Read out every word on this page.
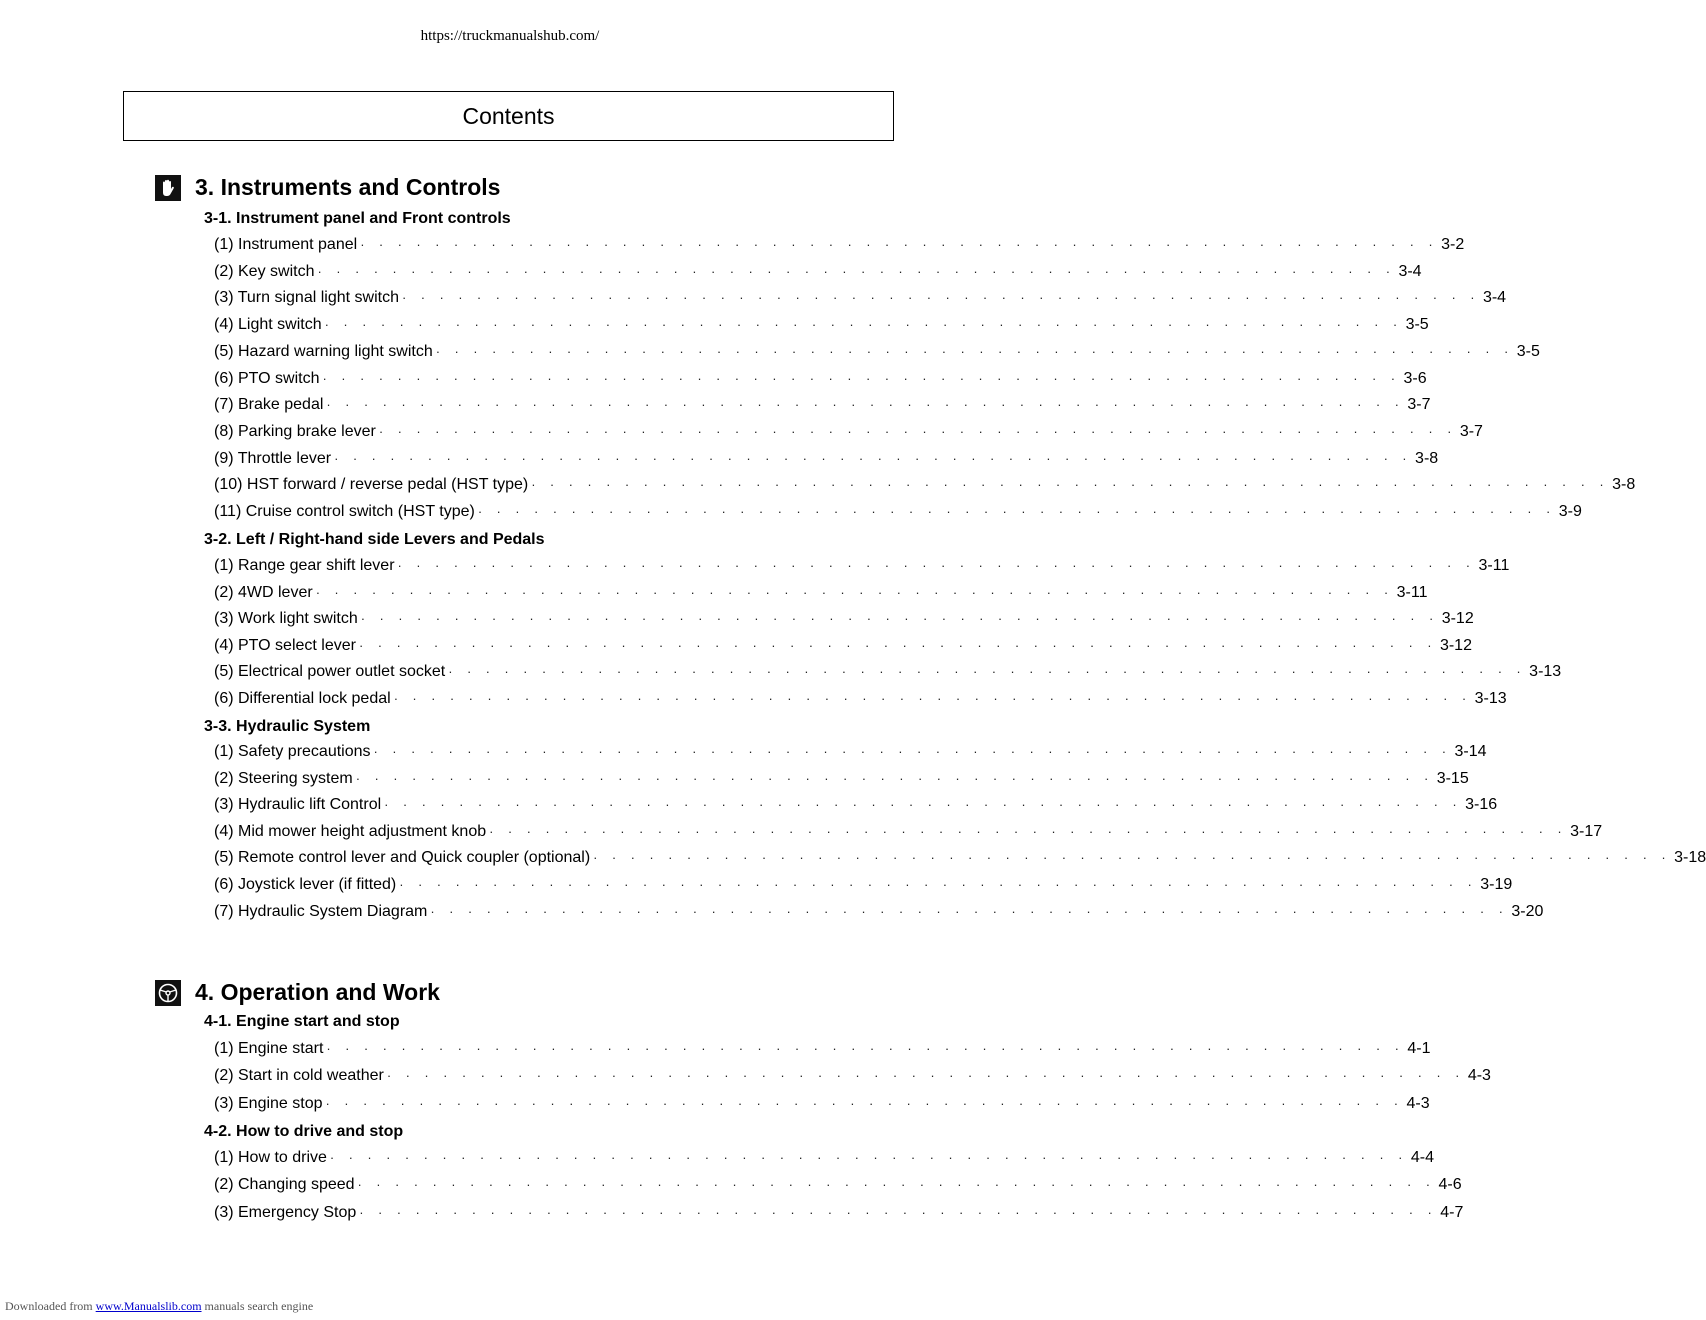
https://truckmanualshub.com/
Contents
3. Instruments and Controls
3-1. Instrument panel and Front controls
4. Operation and Work
(1) Instrument panel · · · · · · · · · · · · · · · · · · · · · · · · · · · · · · · · · · · · · · · · · · · · · · · · · · · · · · · · · · 3-2
(2) Key switch · · · · · · · · · · · · · · · · · · · · · · · · · · · · · · · · · · · · · · · · · · · · · · · · · · · · · · · · · · 3-4
(3) Turn signal light switch · · · · · · · · · · · · · · · · · · · · · · · · · · · · · · · · · · · · · · · · · · · · · · · · · · · · · · · · · · 3-4
(4) Light switch · · · · · · · · · · · · · · · · · · · · · · · · · · · · · · · · · · · · · · · · · · · · · · · · · · · · · · · · · · 3-5
(5) Hazard warning light switch · · · · · · · · · · · · · · · · · · · · · · · · · · · · · · · · · · · · · · · · · · · · · · · · · · · · · · · · · · 3-5
(6) PTO switch · · · · · · · · · · · · · · · · · · · · · · · · · · · · · · · · · · · · · · · · · · · · · · · · · · · · · · · · · · 3-6
(7) Brake pedal · · · · · · · · · · · · · · · · · · · · · · · · · · · · · · · · · · · · · · · · · · · · · · · · · · · · · · · · · · 3-7
(8) Parking brake lever · · · · · · · · · · · · · · · · · · · · · · · · · · · · · · · · · · · · · · · · · · · · · · · · · · · · · · · · · · 3-7
(9) Throttle lever · · · · · · · · · · · · · · · · · · · · · · · · · · · · · · · · · · · · · · · · · · · · · · · · · · · · · · · · · · 3-8
(10) HST forward / reverse pedal (HST type) · · · · · · · · · · · · · · · · · · · · · · · · · · · · · · · · · · · · · · · · · · · · · · · · · · · · · · · · · · 3-8
(11) Cruise control switch (HST type) · · · · · · · · · · · · · · · · · · · · · · · · · · · · · · · · · · · · · · · · · · · · · · · · · · · · · · · · · · 3-9
3-2. Left / Right-hand side Levers and Pedals
(1) Range gear shift lever · · · · · · · · · · · · · · · · · · · · · · · · · · · · · · · · · · · · · · · · · · · · · · · · · · · · · · · · · · 3-11
(2) 4WD lever · · · · · · · · · · · · · · · · · · · · · · · · · · · · · · · · · · · · · · · · · · · · · · · · · · · · · · · · · · 3-11
(3) Work light switch · · · · · · · · · · · · · · · · · · · · · · · · · · · · · · · · · · · · · · · · · · · · · · · · · · · · · · · · · · 3-12
(4) PTO select lever · · · · · · · · · · · · · · · · · · · · · · · · · · · · · · · · · · · · · · · · · · · · · · · · · · · · · · · · · · 3-12
(5) Electrical power outlet socket · · · · · · · · · · · · · · · · · · · · · · · · · · · · · · · · · · · · · · · · · · · · · · · · · · · · · · · · · · 3-13
(6) Differential lock pedal · · · · · · · · · · · · · · · · · · · · · · · · · · · · · · · · · · · · · · · · · · · · · · · · · · · · · · · · · · 3-13
3-3. Hydraulic System
(1) Safety precautions · · · · · · · · · · · · · · · · · · · · · · · · · · · · · · · · · · · · · · · · · · · · · · · · · · · · · · · · · · 3-14
(2) Steering system · · · · · · · · · · · · · · · · · · · · · · · · · · · · · · · · · · · · · · · · · · · · · · · · · · · · · · · · · · 3-15
(3) Hydraulic lift Control · · · · · · · · · · · · · · · · · · · · · · · · · · · · · · · · · · · · · · · · · · · · · · · · · · · · · · · · · · 3-16
(4) Mid mower height adjustment knob · · · · · · · · · · · · · · · · · · · · · · · · · · · · · · · · · · · · · · · · · · · · · · · · · · · · · · · · · · 3-17
(5) Remote control lever and Quick coupler (optional) · · · · · · · · · · · · · · · · · · · · · · · · · · · · · · · · · · · · · · · · · · · · · · · · · · · · · · · · · · 3-18
(6) Joystick lever (if fitted) · · · · · · · · · · · · · · · · · · · · · · · · · · · · · · · · · · · · · · · · · · · · · · · · · · · · · · · · · · 3-19
(7) Hydraulic System Diagram · · · · · · · · · · · · · · · · · · · · · · · · · · · · · · · · · · · · · · · · · · · · · · · · · · · · · · · · · · 3-20
4-1. Engine start and stop
(1) Engine start · · · · · · · · · · · · · · · · · · · · · · · · · · · · · · · · · · · · · · · · · · · · · · · · · · · · · · · · · · 4-1
(2) Start in cold weather · · · · · · · · · · · · · · · · · · · · · · · · · · · · · · · · · · · · · · · · · · · · · · · · · · · · · · · · · · 4-3
(3) Engine stop · · · · · · · · · · · · · · · · · · · · · · · · · · · · · · · · · · · · · · · · · · · · · · · · · · · · · · · · · · 4-3
4-2. How to drive and stop
(1) How to drive · · · · · · · · · · · · · · · · · · · · · · · · · · · · · · · · · · · · · · · · · · · · · · · · · · · · · · · · · · 4-4
(2) Changing speed · · · · · · · · · · · · · · · · · · · · · · · · · · · · · · · · · · · · · · · · · · · · · · · · · · · · · · · · · · 4-6
(3) Emergency Stop · · · · · · · · · · · · · · · · · · · · · · · · · · · · · · · · · · · · · · · · · · · · · · · · · · · · · · · · · · 4-7
Downloaded from www.Manualslib.com manuals search engine
